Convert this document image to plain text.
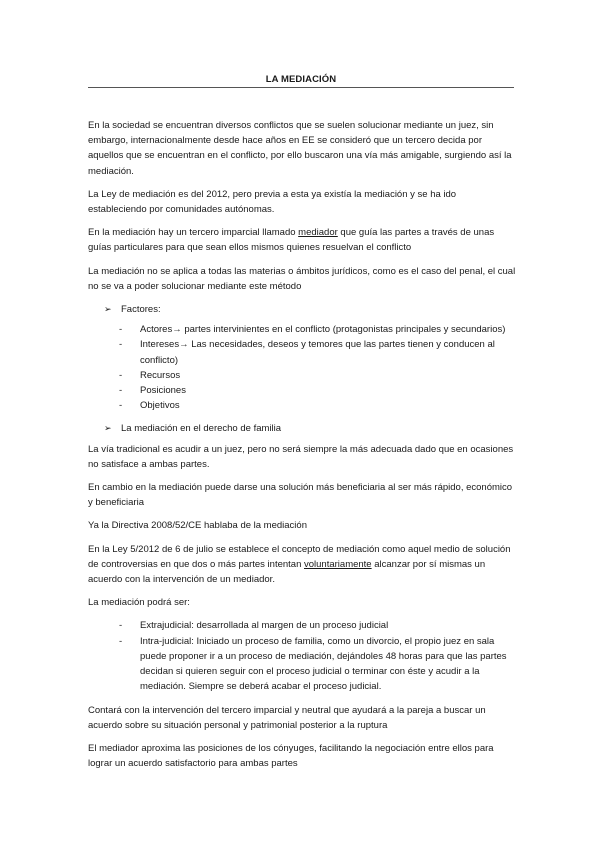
LA MEDIACIÓN

En la sociedad se encuentran diversos conflictos que se suelen solucionar mediante un juez, sin embargo, internacionalmente desde hace años en EE se consideró que un tercero decida por aquellos que se encuentran en el conflicto, por ello buscaron una vía más amigable, surgiendo así la mediación.

La Ley de mediación es del 2012, pero previa a esta ya existía la mediación y se ha ido estableciendo por comunidades autónomas.

En la mediación hay un tercero imparcial llamado mediador que guía las partes a través de unas guías particulares para que sean ellos mismos quienes resuelvan el conflicto

La mediación no se aplica a todas las materias o ámbitos jurídicos, como es el caso del penal, el cual no se va a poder solucionar mediante este método

➢ Factores:
- Actores→ partes intervinientes en el conflicto (protagonistas principales y secundarios)
- Intereses→ Las necesidades, deseos y temores que las partes tienen y conducen al conflicto)
- Recursos
- Posiciones
- Objetivos
➢ La mediación en el derecho de familia

La vía tradicional es acudir a un juez, pero no será siempre la más adecuada dado que en ocasiones no satisface a ambas partes.

En cambio en la mediación puede darse una solución más beneficiaria al ser más rápido, económico y beneficiaria

Ya la Directiva 2008/52/CE hablaba de la mediación

En la Ley 5/2012 de 6 de julio se establece el concepto de mediación como aquel medio de solución de controversias en que dos o más partes intentan voluntariamente alcanzar por sí mismas un acuerdo con la intervención de un mediador.

La mediación podrá ser:

- Extrajudicial: desarrollada al margen de un proceso judicial
- Intra-judicial: Iniciado un proceso de familia, como un divorcio, el propio juez en sala puede proponer ir a un proceso de mediación, dejándoles 48 horas para que las partes decidan si quieren seguir con el proceso judicial o terminar con éste y acudir a la mediación. Siempre se deberá acabar el proceso judicial.

Contará con la intervención del tercero imparcial y neutral que ayudará a la pareja a buscar un acuerdo sobre su situación personal y patrimonial posterior a la ruptura

El mediador aproxima las posiciones de los cónyuges, facilitando la negociación entre ellos para lograr un acuerdo satisfactorio para ambas partes
